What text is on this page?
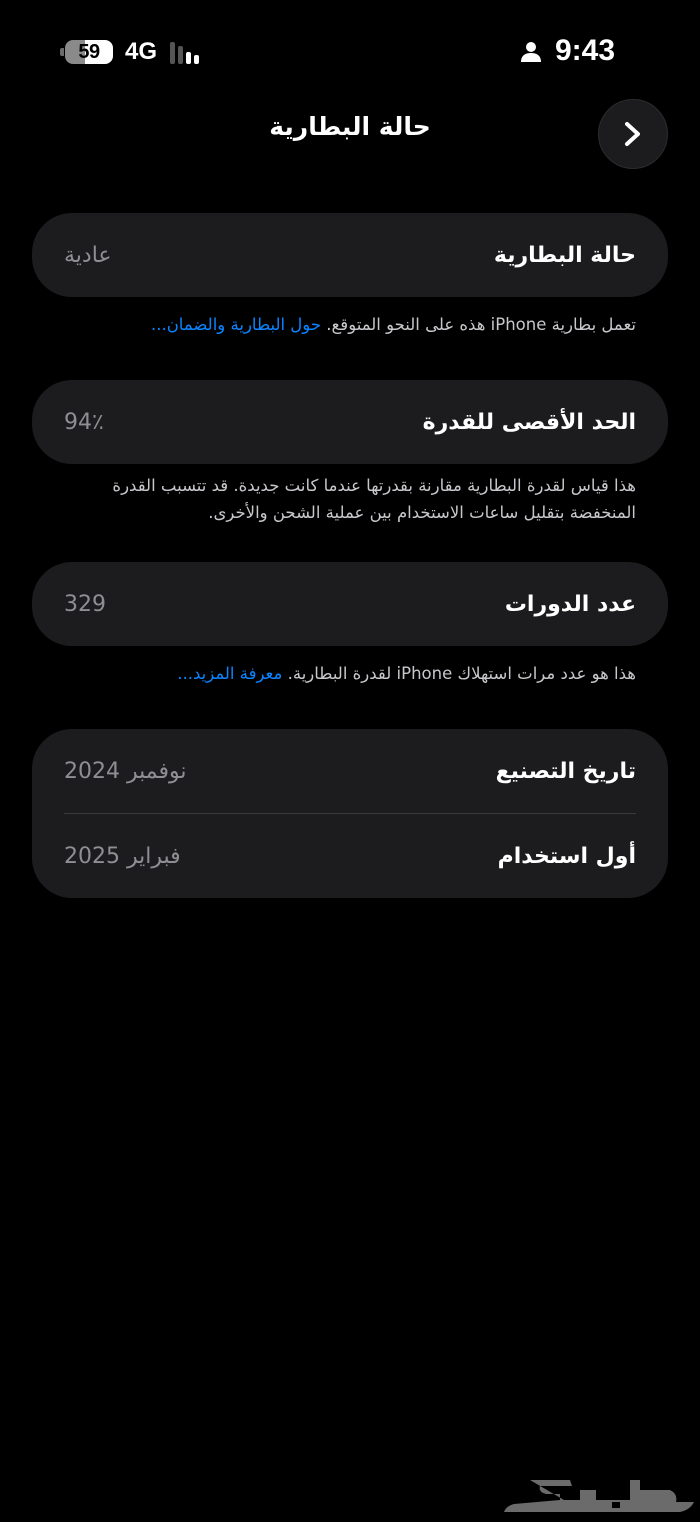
59 4G	9:43
حالة البطارية
حالة البطارية
عادية
تعمل بطارية iPhone هذه على النحو المتوقع. حول البطارية والضمان...
الحد الأقصى للقدرة
94٪
هذا قياس لقدرة البطارية مقارنة بقدرتها عندما كانت جديدة. قد تتسبب القدرة المنخفضة بتقليل ساعات الاستخدام بين عملية الشحن والأخرى.
عدد الدورات
329
هذا هو عدد مرات استهلاك iPhone لقدرة البطارية. معرفة المزيد...
تاريخ التصنيع
نوفمبر 2024
أول استخدام
فبراير 2025
